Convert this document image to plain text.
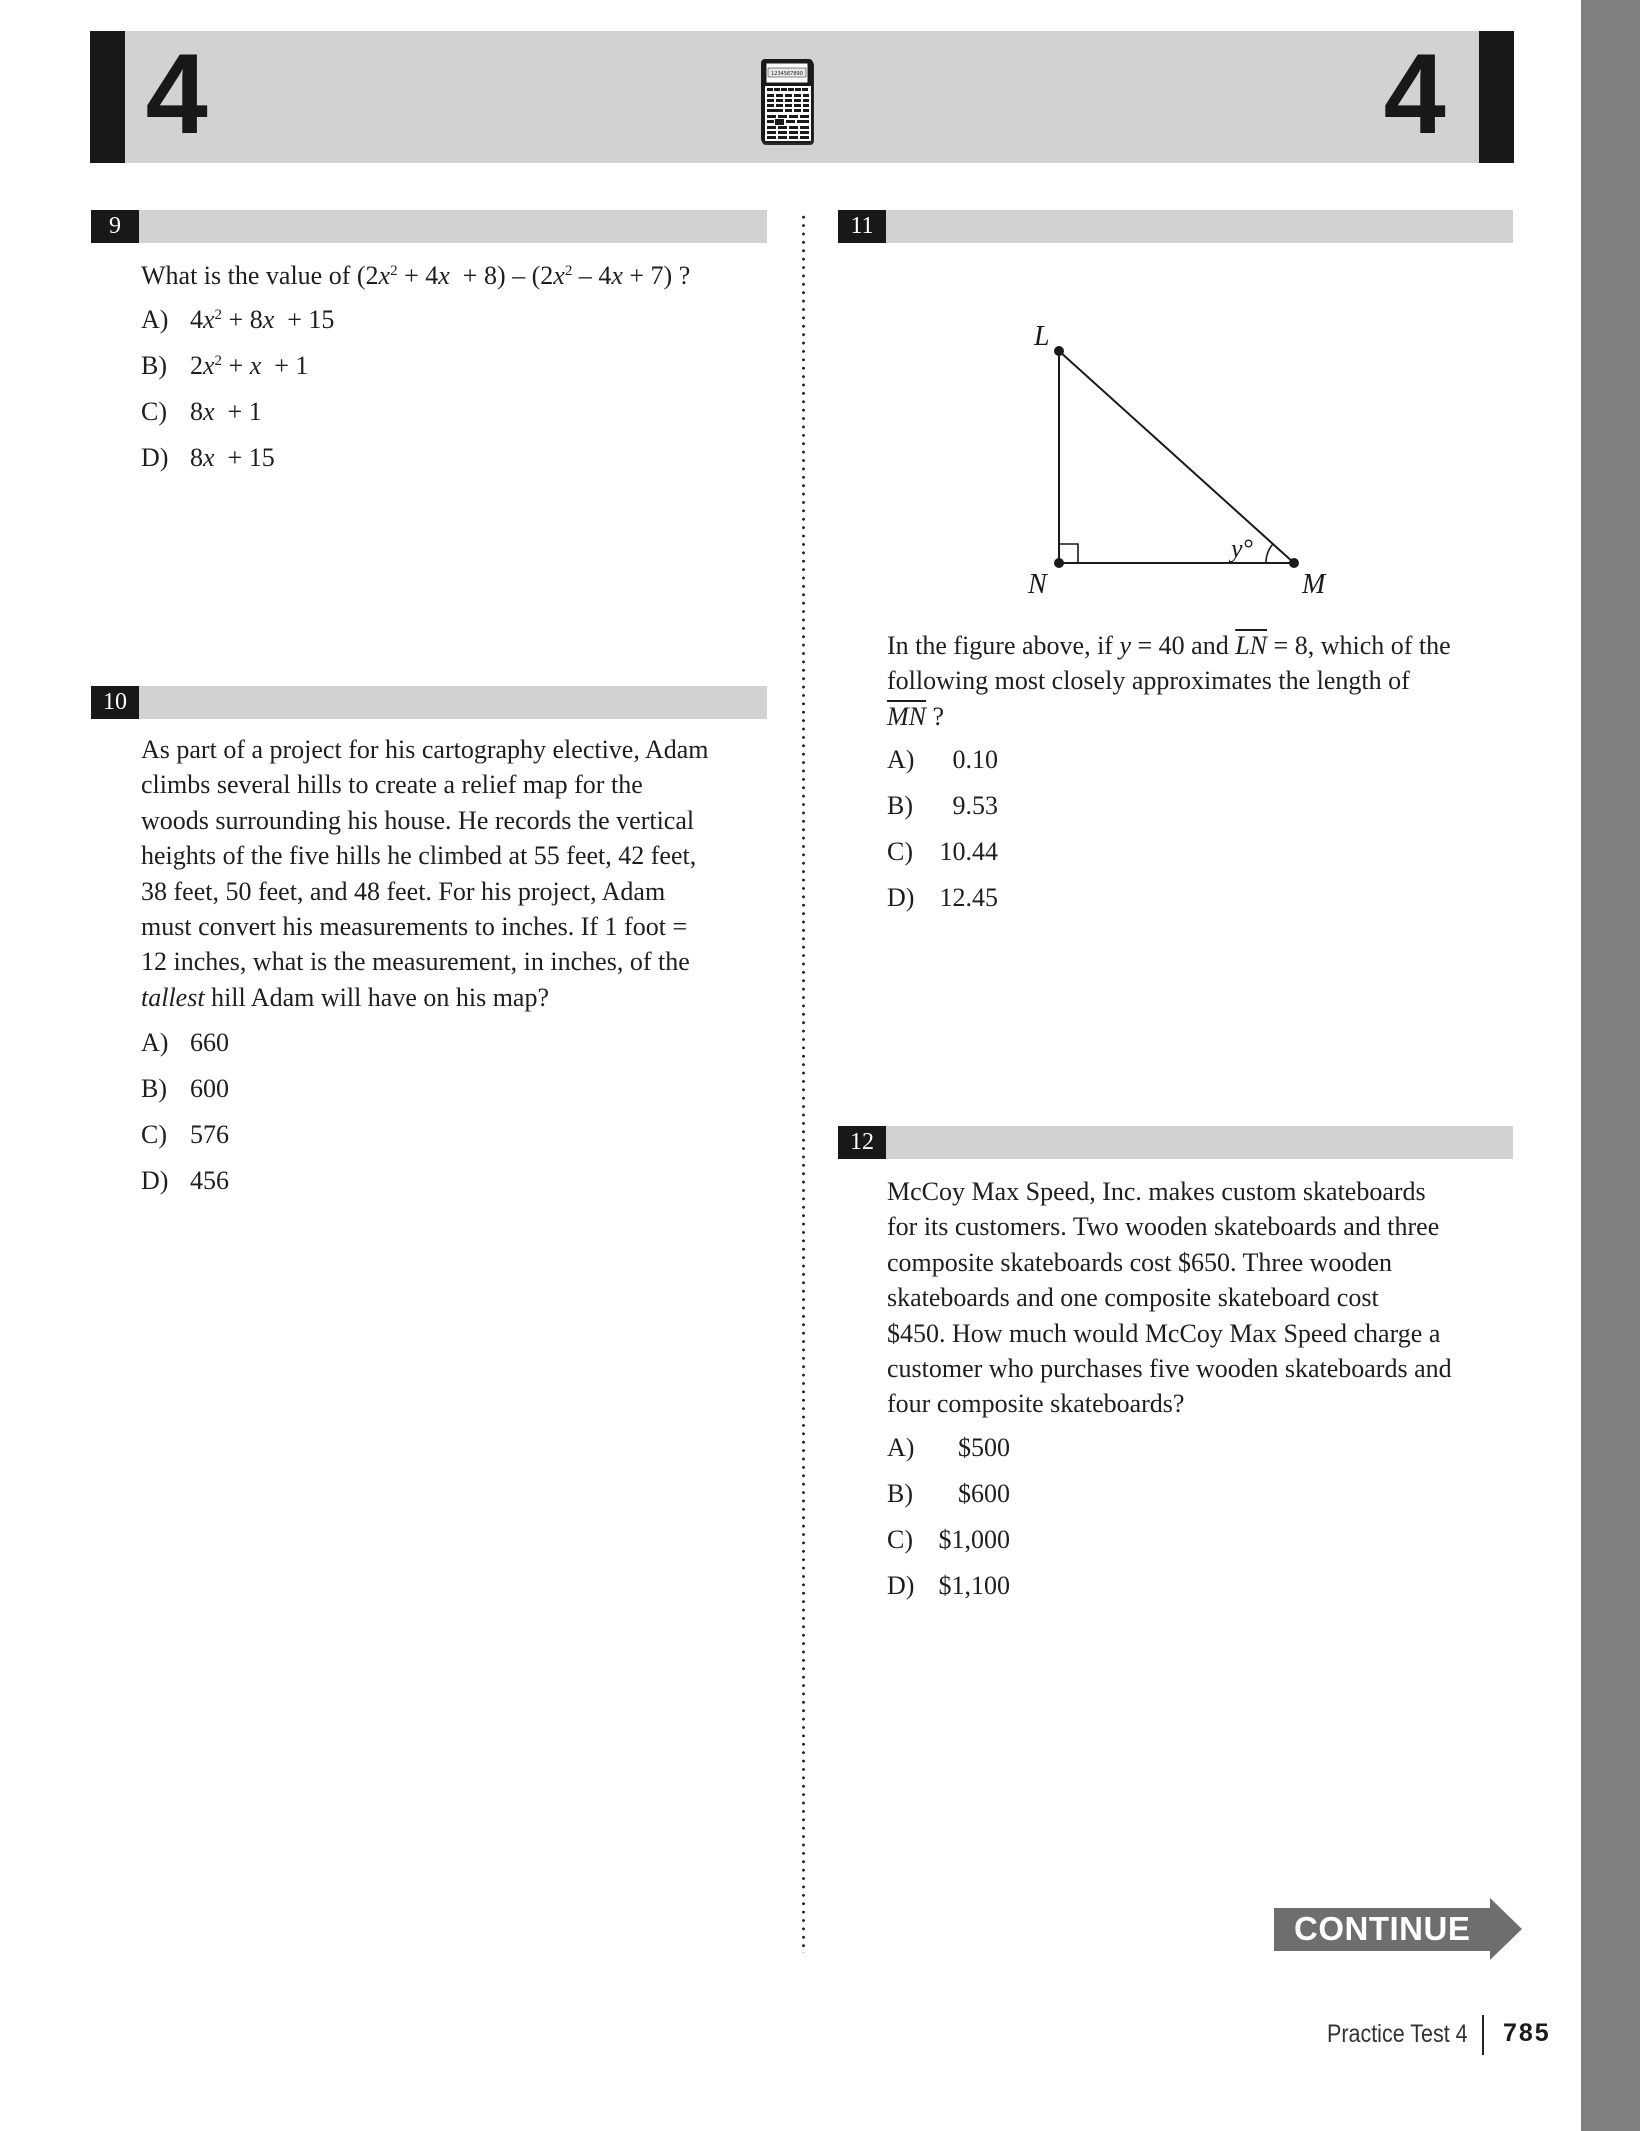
4	4
1234567890
9
What is the value of $(2x^2 + 4x + 8) - (2x^2 - 4x + 7)$ ?
A) $4x^2 + 8x + 15$
B) $2x^2 + x + 1$
C) 8x  + 1
D) 8x  + 15
10
As part of a project for his cartography elective, Adam
climbs several hills to create a relief map for the
woods surrounding his house. He records the vertical
heights of the five hills he climbed at 55 feet, 42 feet,
38 feet, 50 feet, and 48 feet. For his project, Adam
must convert his measurements to inches. If 1 foot =
12 inches, what is the measurement, in inches, of the
tallest hill Adam will have on his map?
A) 660
B) 600
C) 576
D) 456
11
L
N	M
y°
In the figure above, if y = 40 and $\overline{LN} = 8$, which of the
following most closely approximates the length of
$\overline{MN}$ ?
A) 0.10
B) 9.53
C) 10.44
D) 12.45
12
McCoy Max Speed, Inc. makes custom skateboards
for its customers. Two wooden skateboards and three
composite skateboards cost $650. Three wooden
skateboards and one composite skateboard cost
$450. How much would McCoy Max Speed charge a
customer who purchases five wooden skateboards and
four composite skateboards?
A) $500
B) $600
C) $1,000
D) $1,100
CONTINUE
Practice Test 4 785
